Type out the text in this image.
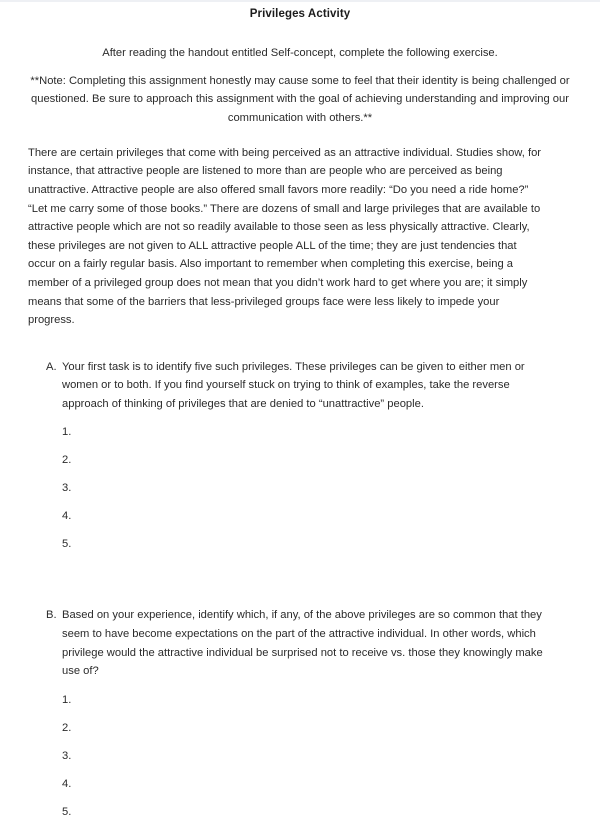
Privileges Activity

After reading the handout entitled Self-concept, complete the following exercise.

**Note: Completing this assignment honestly may cause some to feel that their identity is being challenged or questioned. Be sure to approach this assignment with the goal of achieving understanding and improving our communication with others.**

There are certain privileges that come with being perceived as an attractive individual. Studies show, for instance, that attractive people are listened to more than are people who are perceived as being unattractive. Attractive people are also offered small favors more readily: “Do you need a ride home?” “Let me carry some of those books.” There are dozens of small and large privileges that are available to attractive people which are not so readily available to those seen as less physically attractive. Clearly, these privileges are not given to ALL attractive people ALL of the time; they are just tendencies that occur on a fairly regular basis. Also important to remember when completing this exercise, being a member of a privileged group does not mean that you didn’t work hard to get where you are; it simply means that some of the barriers that less-privileged groups face were less likely to impede your progress.

A. Your first task is to identify five such privileges. These privileges can be given to either men or women or to both. If you find yourself stuck on trying to think of examples, take the reverse approach of thinking of privileges that are denied to “unattractive” people.
1.
2.
3.
4.
5.
B. Based on your experience, identify which, if any, of the above privileges are so common that they seem to have become expectations on the part of the attractive individual. In other words, which privilege would the attractive individual be surprised not to receive vs. those they knowingly make use of?
1.
2.
3.
4.
5.
